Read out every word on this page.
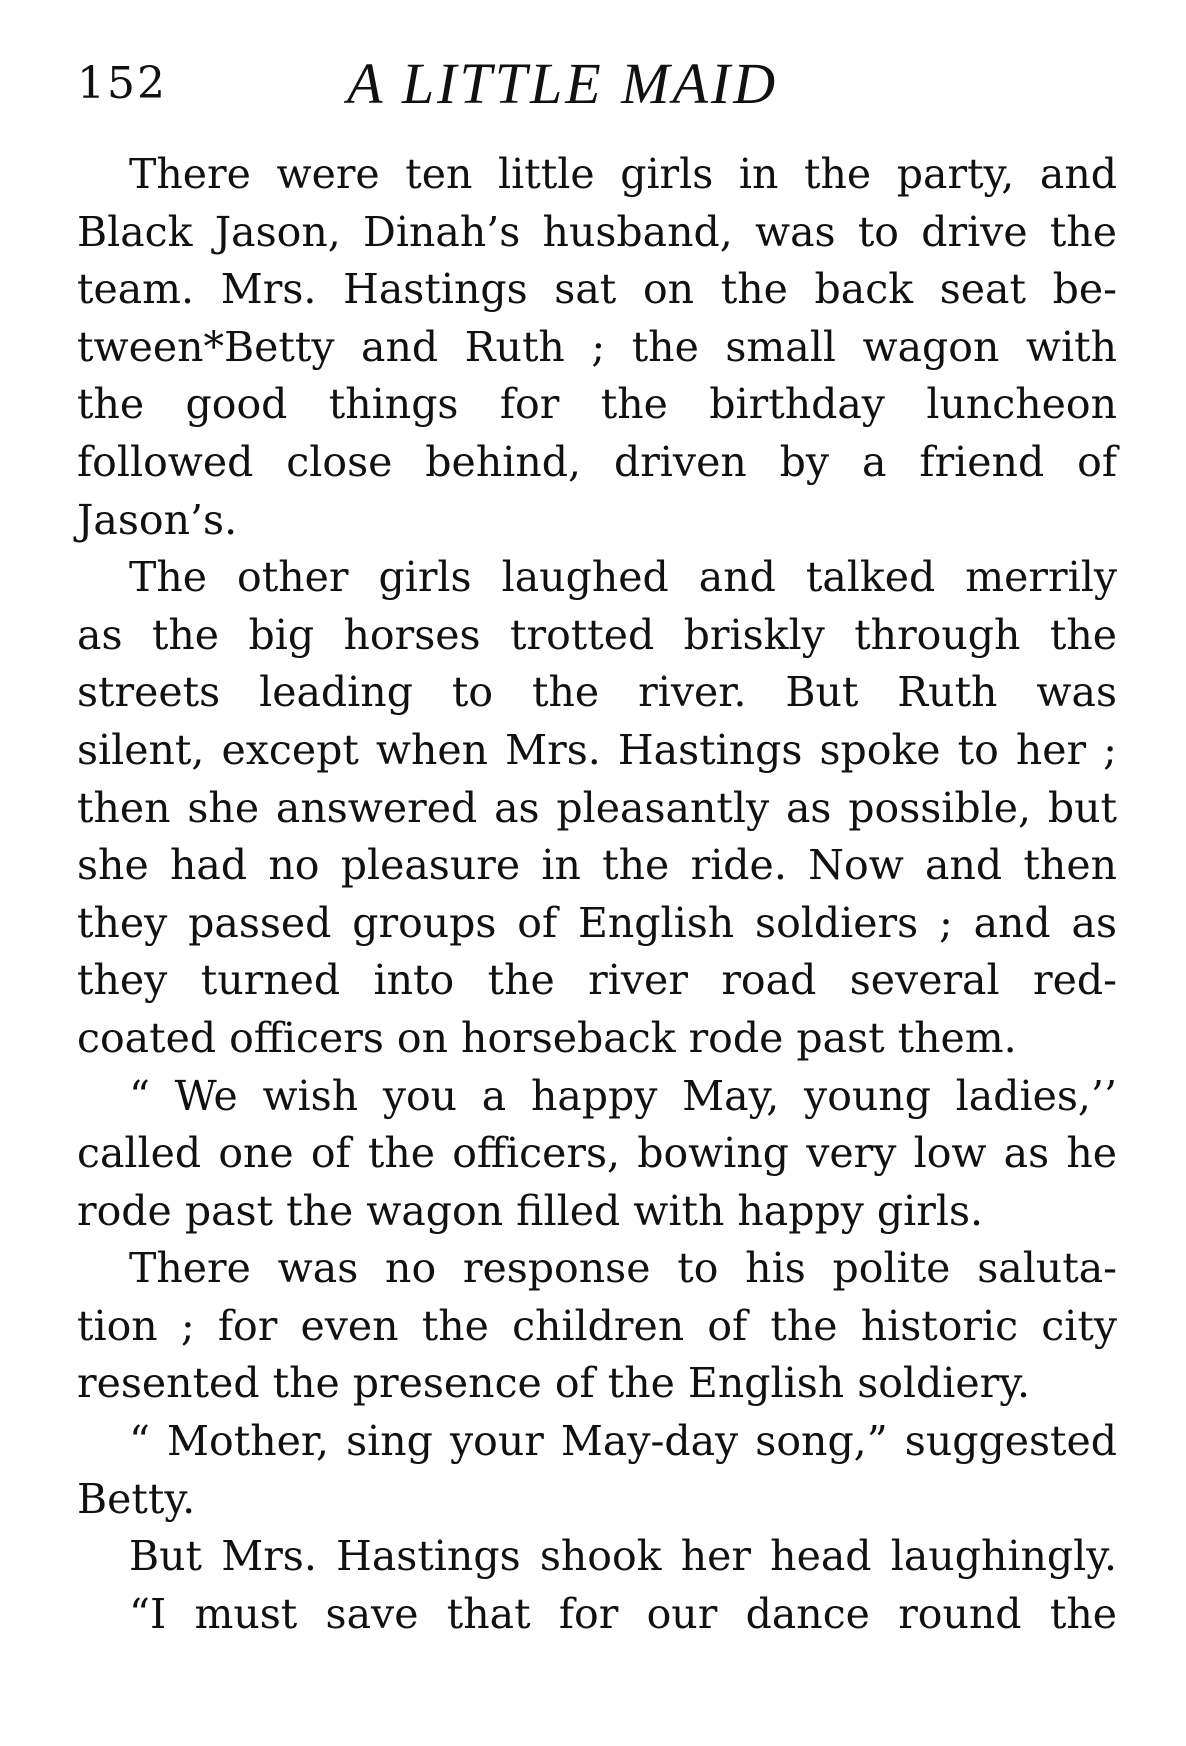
152	A LITTLE MAID
There were ten little girls in the party, and
Black Jason, Dinah’s husband, was to drive the
team. Mrs. Hastings sat on the back seat be-
tween*Betty and Ruth ; the small wagon with
the good things for the birthday luncheon
followed close behind, driven by a friend of
Jason’s.
The other girls laughed and talked merrily
as the big horses trotted briskly through the
streets leading to the river. But Ruth was
silent, except when Mrs. Hastings spoke to her ;
then she answered as pleasantly as possible, but
she had no pleasure in the ride. Now and then
they passed groups of English soldiers ; and as
they turned into the river road several red-
coated officers on horseback rode past them.
“ We wish you a happy May, young ladies,’’
called one of the officers, bowing very low as he
rode past the wagon filled with happy girls.
There was no response to his polite saluta-
tion ; for even the children of the historic city
resented the presence of the English soldiery.
“ Mother, sing your May-day song,” suggested
Betty.
But Mrs. Hastings shook her head laughingly.
“I must save that for our dance round the
